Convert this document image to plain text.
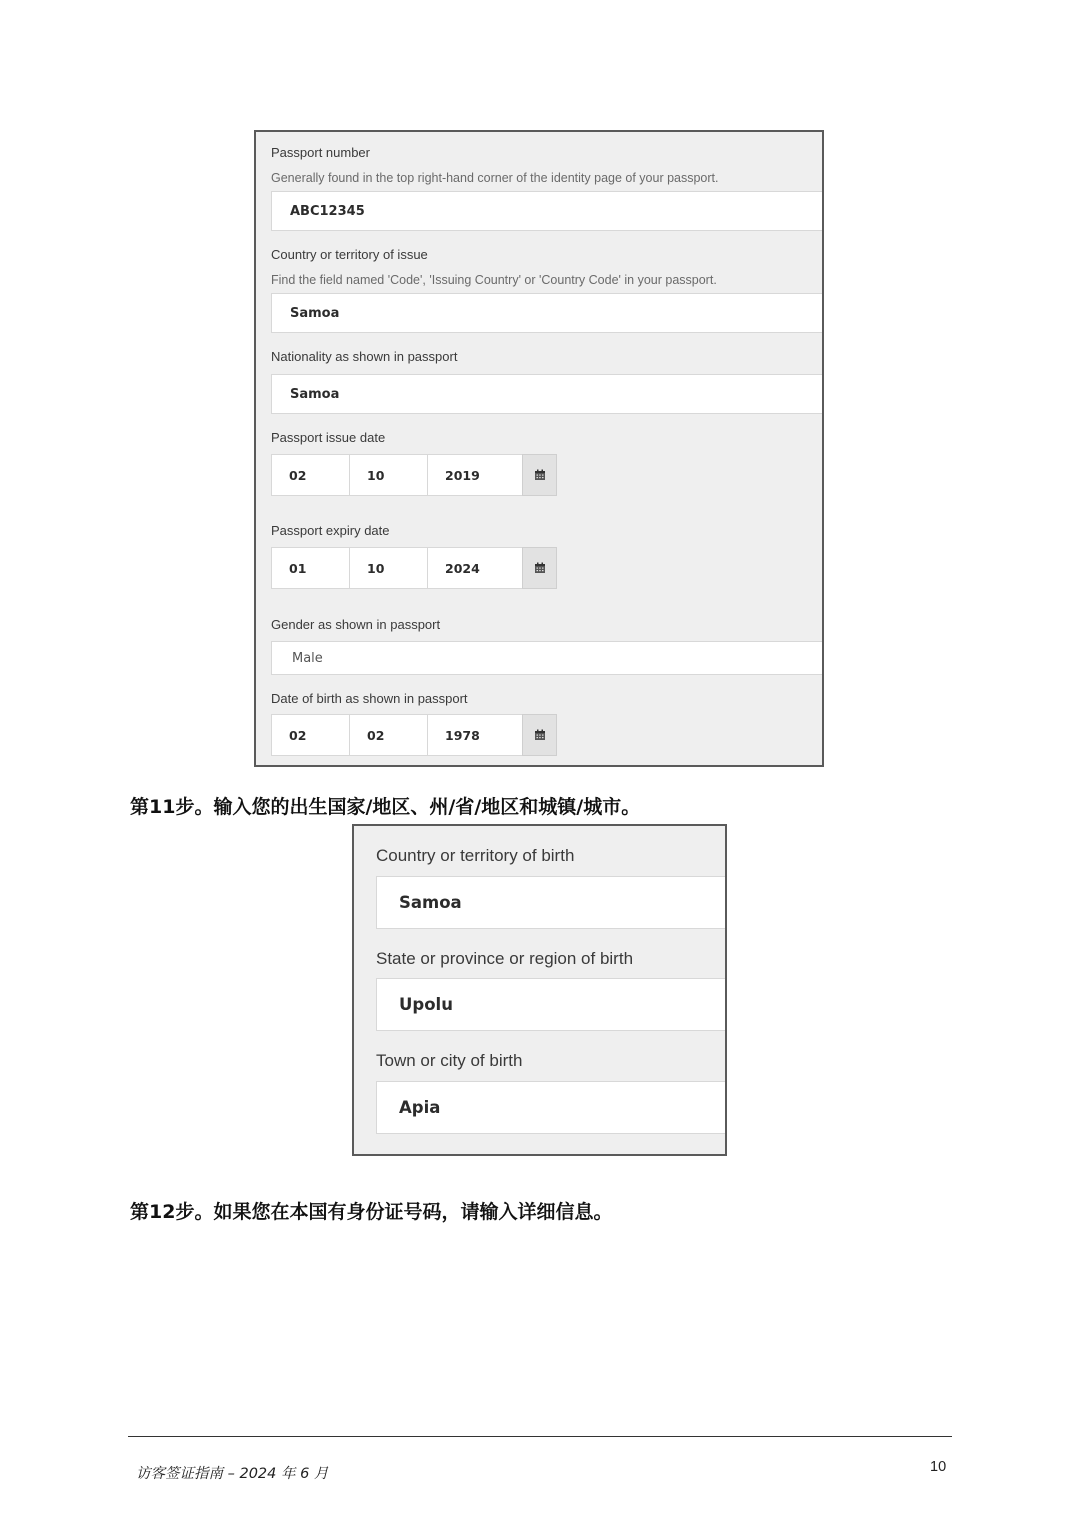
Passport number
Generally found in the top right-hand corner of the identity page of your passport.
ABC12345
Country or territory of issue
Find the field named 'Code', 'Issuing Country' or 'Country Code' in your passport.
Samoa
Nationality as shown in passport
Samoa
Passport issue date
02	10	2019
Passport expiry date
01	10	2024
Gender as shown in passport
Male
Date of birth as shown in passport
02	02	1978
第11步。输入您的出生国家/地区、州/省/地区和城镇/城市。
Country or territory of birth
Samoa
State or province or region of birth
Upolu
Town or city of birth
Apia
第12步。如果您在本国有身份证号码，请输入详细信息。
访客签证指南 – 2024 年 6 月	10
